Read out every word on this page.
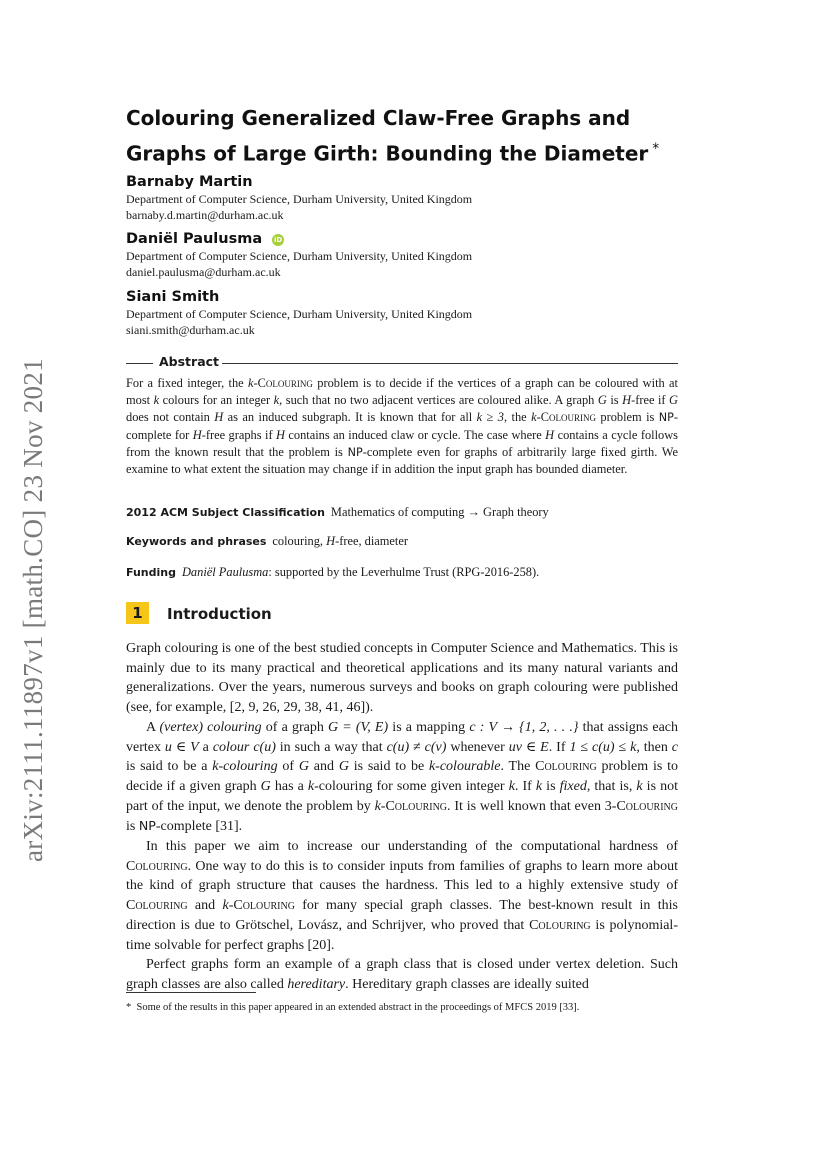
arXiv:2111.11897v1 [math.CO] 23 Nov 2021
Colouring Generalized Claw-Free Graphs and
Graphs of Large Girth: Bounding the Diameter *
Barnaby Martin
Department of Computer Science, Durham University, United Kingdom
barnaby.d.martin@durham.ac.uk
Daniël Paulusma iD
Department of Computer Science, Durham University, United Kingdom
daniel.paulusma@durham.ac.uk
Siani Smith
Department of Computer Science, Durham University, United Kingdom
siani.smith@durham.ac.uk
Abstract
For a fixed integer, the k-Colouring problem is to decide if the vertices of a graph can be coloured with at most k colours for an integer k, such that no two adjacent vertices are coloured alike. A graph G is H-free if G does not contain H as an induced subgraph. It is known that for all k ≥ 3, the k-Colouring problem is NP-complete for H-free graphs if H contains an induced claw or cycle. The case where H contains a cycle follows from the known result that the problem is NP-complete even for graphs of arbitrarily large fixed girth. We examine to what extent the situation may change if in addition the input graph has bounded diameter.
2012 ACM Subject Classification Mathematics of computing → Graph theory
Keywords and phrases colouring, H-free, diameter
Funding Daniël Paulusma: supported by the Leverhulme Trust (RPG-2016-258).
1	Introduction

Graph colouring is one of the best studied concepts in Computer Science and Mathematics. This is mainly due to its many practical and theoretical applications and its many natural variants and generalizations. Over the years, numerous surveys and books on graph colouring were published (see, for example, [2, 9, 26, 29, 38, 41, 46]).

A (vertex) colouring of a graph G = (V, E) is a mapping c : V → {1, 2, . . .} that assigns each vertex u ∈ V a colour c(u) in such a way that c(u) ≠ c(v) whenever uv ∈ E. If 1 ≤ c(u) ≤ k, then c is said to be a k-colouring of G and G is said to be k-colourable. The Colouring problem is to decide if a given graph G has a k-colouring for some given integer k. If k is fixed, that is, k is not part of the input, we denote the problem by k-Colouring. It is well known that even 3-Colouring is NP-complete [31].

In this paper we aim to increase our understanding of the computational hardness of Colouring. One way to do this is to consider inputs from families of graphs to learn more about the kind of graph structure that causes the hardness. This led to a highly extensive study of Colouring and k-Colouring for many special graph classes. The best-known result in this direction is due to Grötschel, Lovász, and Schrijver, who proved that Colouring is polynomial-time solvable for perfect graphs [20].

Perfect graphs form an example of a graph class that is closed under vertex deletion. Such graph classes are also called hereditary. Hereditary graph classes are ideally suited

* Some of the results in this paper appeared in an extended abstract in the proceedings of MFCS 2019 [33].
